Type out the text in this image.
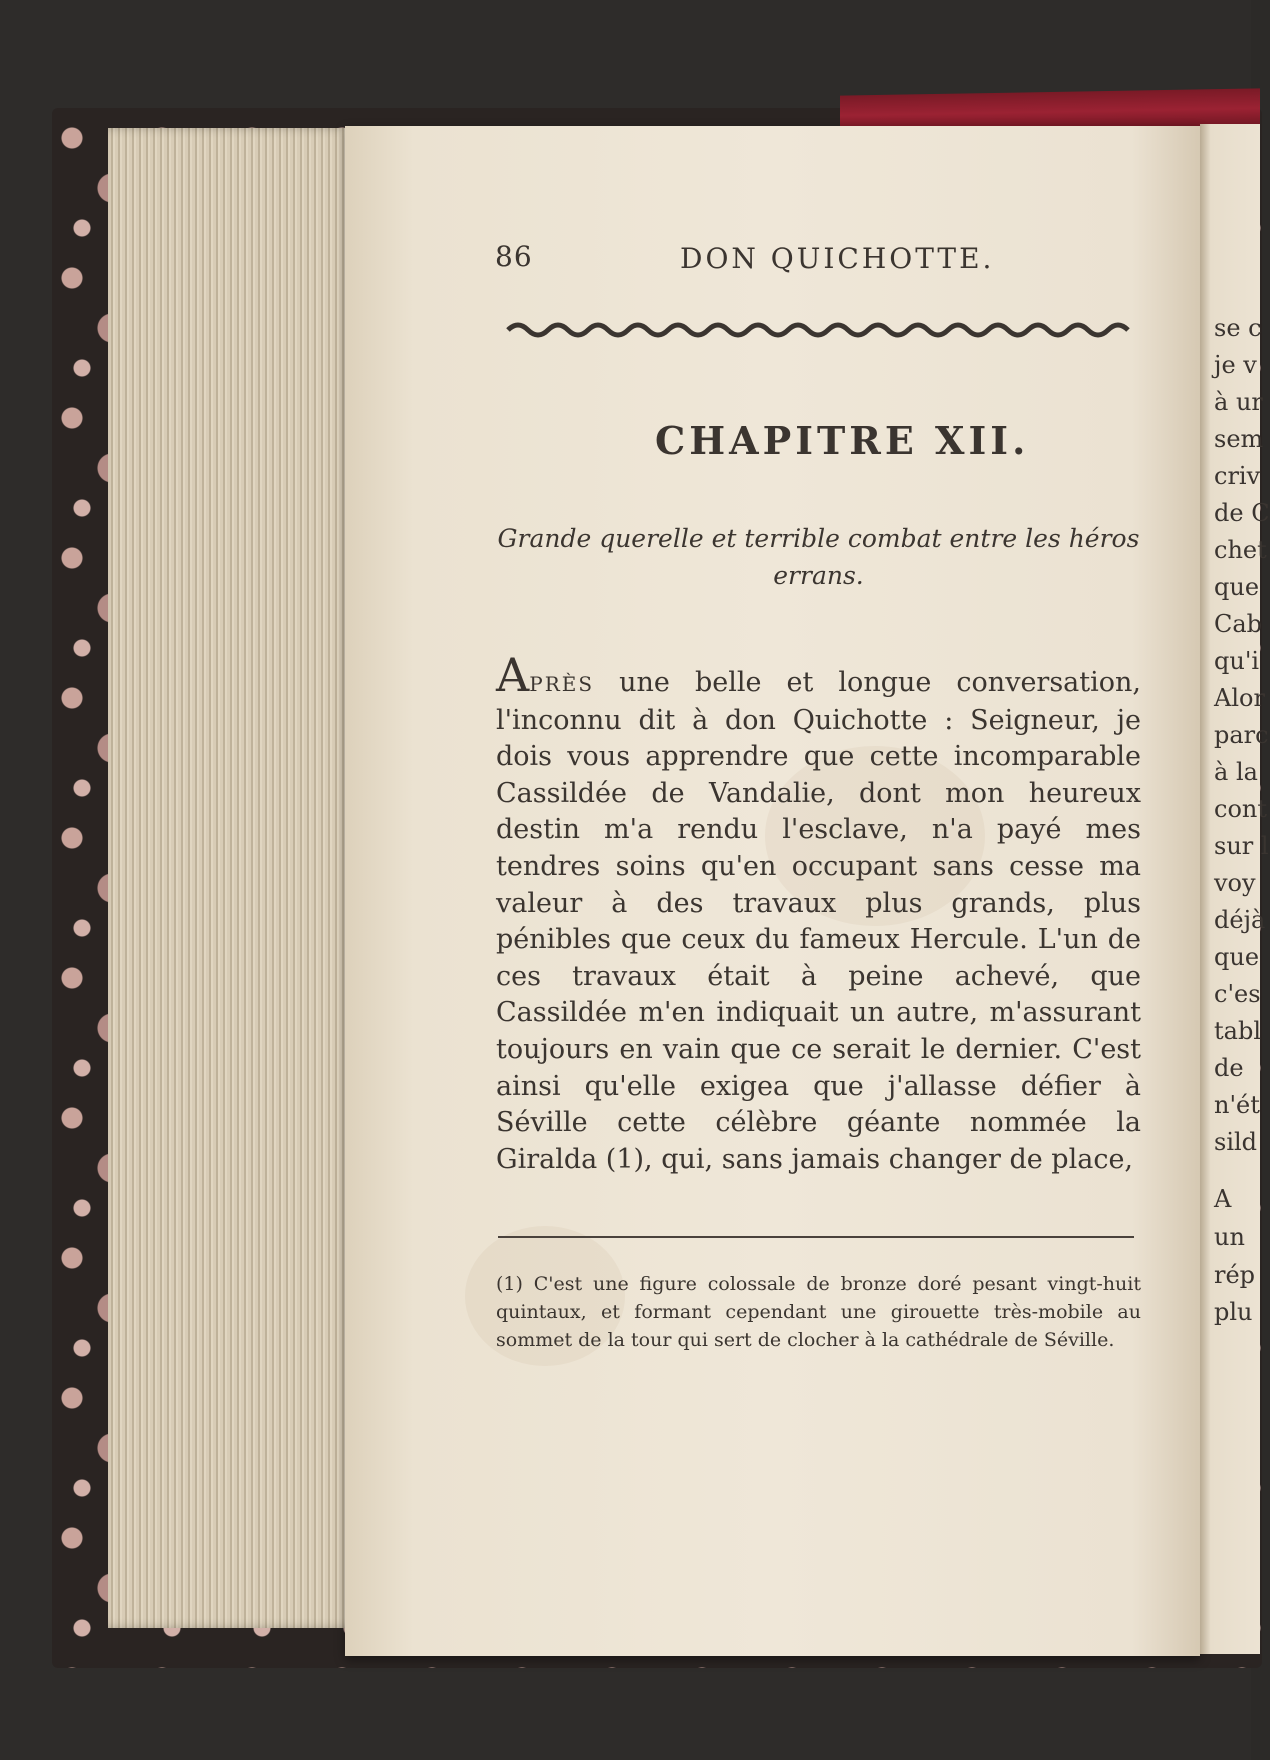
86	DON QUICHOTTE.
CHAPITRE XII.
Grande querelle et terrible combat entre les héros errans.
APRÈS une belle et longue conversation, l'inconnu dit à don Quichotte : Seigneur, je dois vous apprendre que cette incomparable Cassildée de Vandalie, dont mon heureux destin m'a rendu l'esclave, n'a payé mes tendres soins qu'en occupant sans cesse ma valeur à des travaux plus grands, plus pénibles que ceux du fameux Hercule. L'un de ces travaux était à peine achevé, que Cassildée m'en indiquait un autre, m'assurant toujours en vain que ce serait le dernier. C'est ainsi qu'elle exigea que j'allasse défier à Séville cette célèbre géante nommée la Giralda (1), qui, sans jamais changer de place,
(1) C'est une figure colossale de bronze doré pesant vingt-huit quintaux, et formant cependant une girouette très-mobile au sommet de la tour qui sert de clocher à la cathédrale de Séville.
se c
je v
à ur
sem
criv
de C
chet
que
Cab
qu'i
Alor
parc
à la
cont
sur l
voy
déjà
que
c'es
tabl
de
n'ét
sild
A
un
rép
plu
